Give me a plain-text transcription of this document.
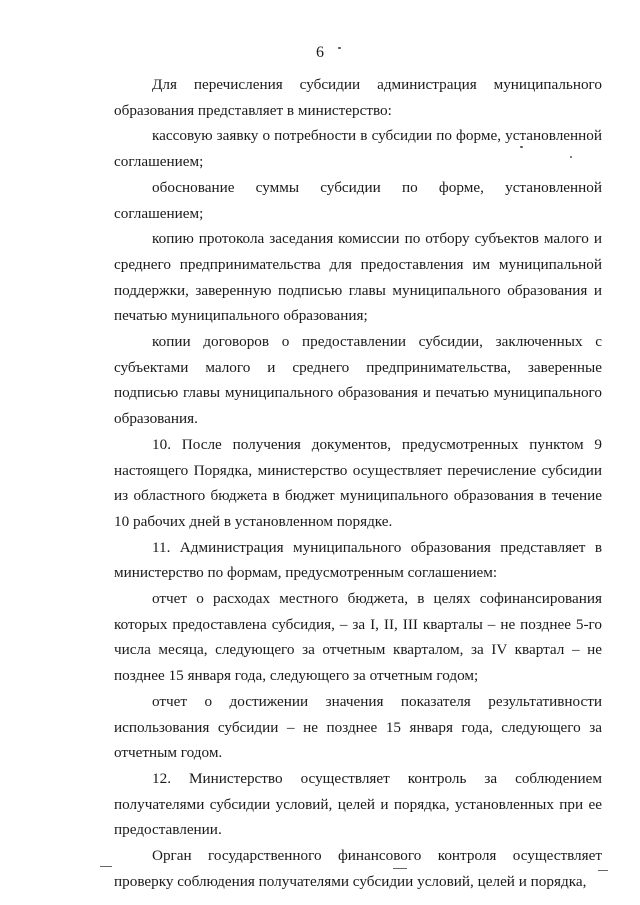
6

Для перечисления субсидии администрация муниципального образования представляет в министерство:

кассовую заявку о потребности в субсидии по форме, установленной соглашением;

обоснование суммы субсидии по форме, установленной соглашением;

копию протокола заседания комиссии по отбору субъектов малого и среднего предпринимательства для предоставления им муниципальной поддержки, заверенную подписью главы муниципального образования и печатью муниципального образования;

копии договоров о предоставлении субсидии, заключенных с субъектами малого и среднего предпринимательства, заверенные подписью главы муниципального образования и печатью муниципального образования.

10. После получения документов, предусмотренных пунктом 9 настоящего Порядка, министерство осуществляет перечисление субсидии из областного бюджета в бюджет муниципального образования в течение 10 рабочих дней в установленном порядке.

11. Администрация муниципального образования представляет в министерство по формам, предусмотренным соглашением:

отчет о расходах местного бюджета, в целях софинансирования которых предоставлена субсидия, – за I, II, III кварталы – не позднее 5-го числа месяца, следующего за отчетным кварталом, за IV квартал – не позднее 15 января года, следующего за отчетным годом;

отчет о достижении значения показателя результативности использования субсидии – не позднее 15 января года, следующего за отчетным годом.

12. Министерство осуществляет контроль за соблюдением получателями субсидии условий, целей и порядка, установленных при ее предоставлении.

Орган государственного финансового контроля осуществляет проверку соблюдения получателями субсидии условий, целей и порядка,
